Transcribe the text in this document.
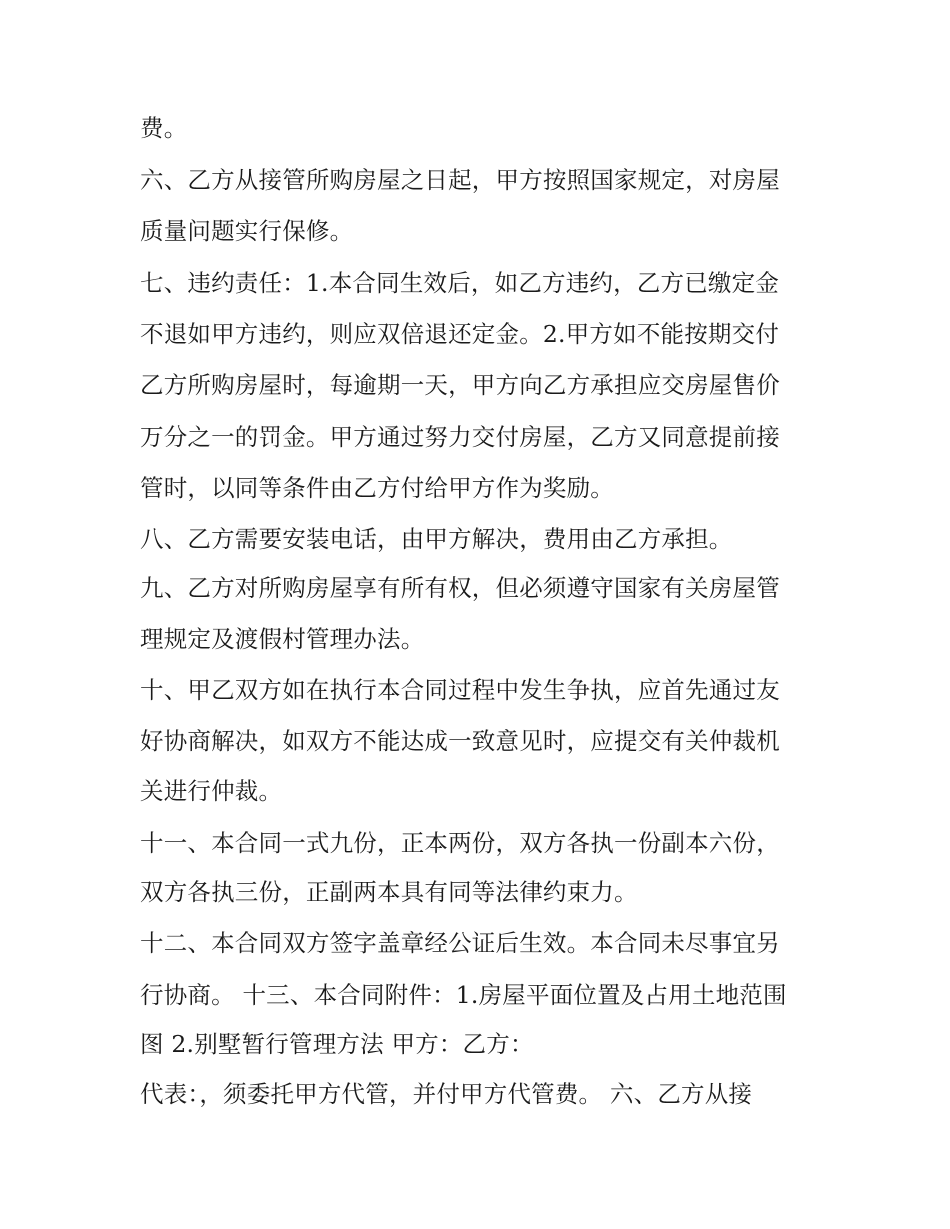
费。

六、乙方从接管所购房屋之日起，甲方按照国家规定，对房屋

质量问题实行保修。

七、违约责任：1.本合同生效后，如乙方违约，乙方已缴定金

不退如甲方违约，则应双倍退还定金。2.甲方如不能按期交付

乙方所购房屋时，每逾期一天，甲方向乙方承担应交房屋售价

万分之一的罚金。甲方通过努力交付房屋，乙方又同意提前接

管时，以同等条件由乙方付给甲方作为奖励。

八、乙方需要安装电话，由甲方解决，费用由乙方承担。

九、乙方对所购房屋享有所有权，但必须遵守国家有关房屋管

理规定及渡假村管理办法。

十、甲乙双方如在执行本合同过程中发生争执，应首先通过友

好协商解决，如双方不能达成一致意见时，应提交有关仲裁机

关进行仲裁。

十一、本合同一式九份，正本两份，双方各执一份副本六份，

双方各执三份，正副两本具有同等法律约束力。

十二、本合同双方签字盖章经公证后生效。本合同未尽事宜另

行协商。 十三、本合同附件：1.房屋平面位置及占用土地范围

图 2.别墅暂行管理方法 甲方：乙方：

代表：，须委托甲方代管，并付甲方代管费。 六、乙方从接
